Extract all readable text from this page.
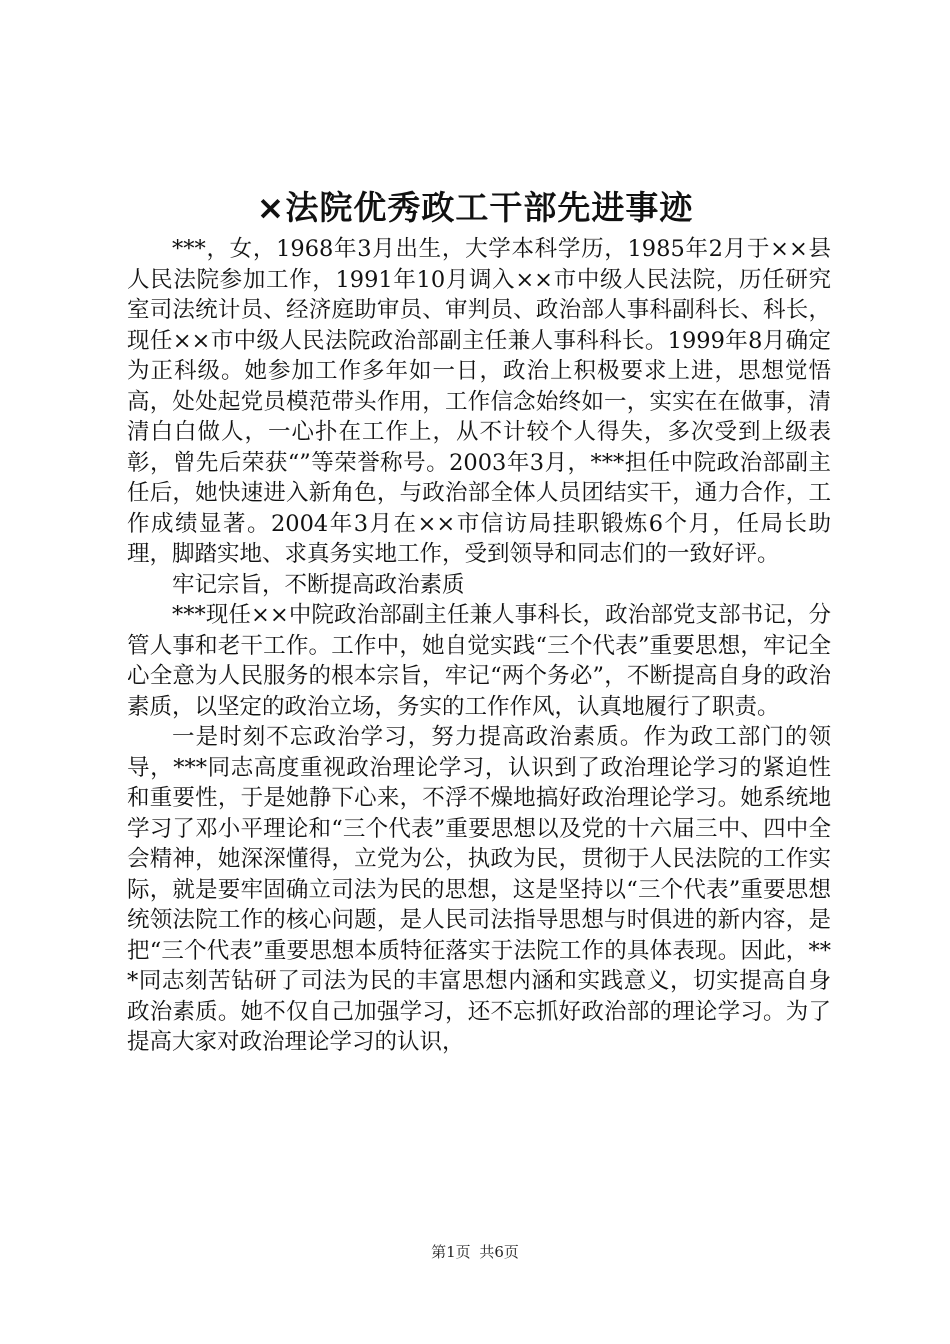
×法院优秀政工干部先进事迹

***，女，1968年3月出生，大学本科学历，1985年2月于××县人民法院参加工作，1991年10月调入××市中级人民法院，历任研究室司法统计员、经济庭助审员、审判员、政治部人事科副科长、科长，现任××市中级人民法院政治部副主任兼人事科科长。1999年8月确定为正科级。她参加工作多年如一日，政治上积极要求上进，思想觉悟高，处处起党员模范带头作用，工作信念始终如一，实实在在做事，清清白白做人，一心扑在工作上，从不计较个人得失，多次受到上级表彰，曾先后荣获“”等荣誉称号。2003年3月，***担任中院政治部副主任后，她快速进入新角色，与政治部全体人员团结实干，通力合作，工作成绩显著。2004年3月在××市信访局挂职锻炼6个月，任局长助理，脚踏实地、求真务实地工作，受到领导和同志们的一致好评。

牢记宗旨，不断提高政治素质

***现任××中院政治部副主任兼人事科长，政治部党支部书记，分管人事和老干工作。工作中，她自觉实践“三个代表”重要思想，牢记全心全意为人民服务的根本宗旨，牢记“两个务必”，不断提高自身的政治素质，以坚定的政治立场，务实的工作作风，认真地履行了职责。

一是时刻不忘政治学习，努力提高政治素质。作为政工部门的领导，***同志高度重视政治理论学习，认识到了政治理论学习的紧迫性和重要性，于是她静下心来，不浮不燥地搞好政治理论学习。她系统地学习了邓小平理论和“三个代表”重要思想以及党的十六届三中、四中全会精神，她深深懂得，立党为公，执政为民，贯彻于人民法院的工作实际，就是要牢固确立司法为民的思想，这是坚持以“三个代表”重要思想统领法院工作的核心问题，是人民司法指导思想与时俱进的新内容，是把“三个代表”重要思想本质特征落实于法院工作的具体表现。因此，***同志刻苦钻研了司法为民的丰富思想内涵和实践意义，切实提高自身政治素质。她不仅自己加强学习，还不忘抓好政治部的理论学习。为了提高大家对政治理论学习的认识，

第1页 共6页
